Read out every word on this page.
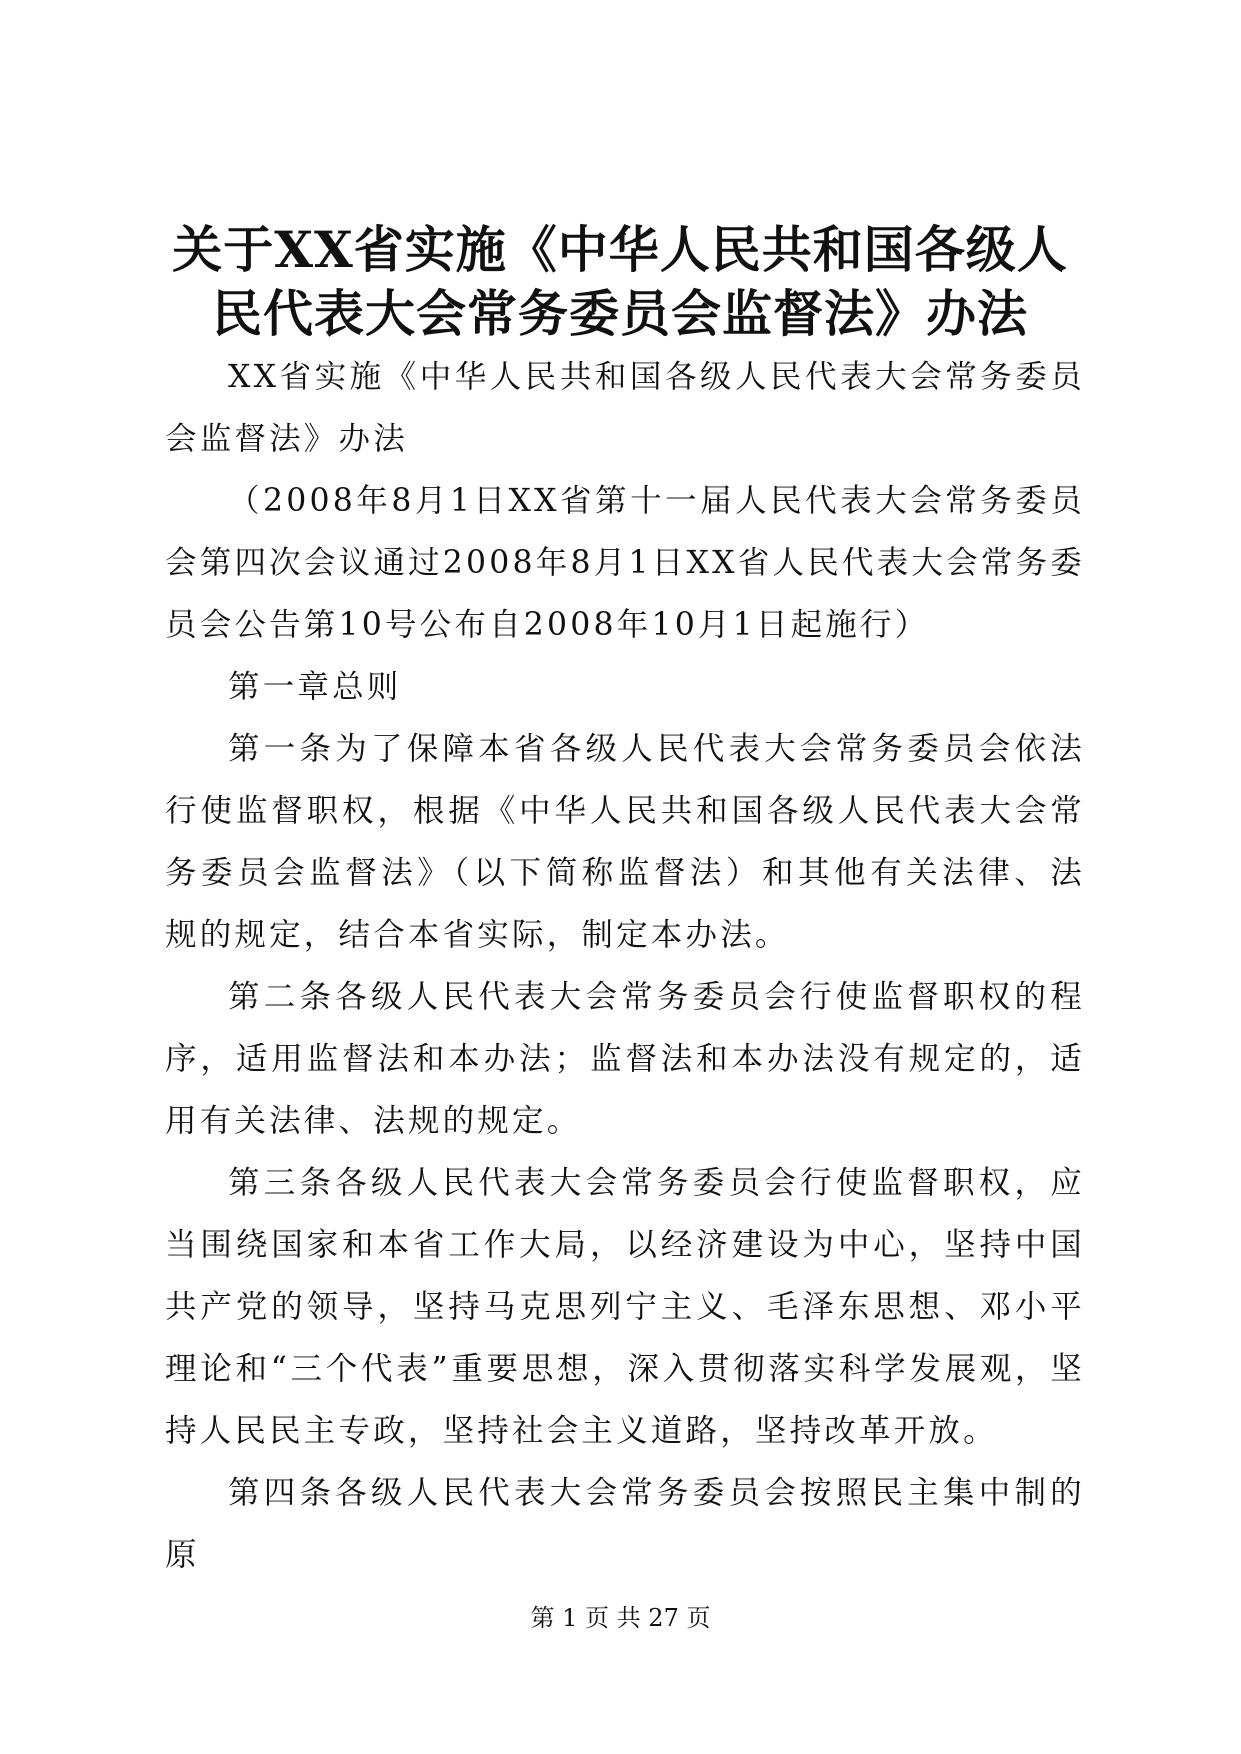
关于XX省实施《中华人民共和国各级人民代表大会常务委员会监督法》办法

XX省实施《中华人民共和国各级人民代表大会常务委员会监督法》办法

（2008年8月1日XX省第十一届人民代表大会常务委员会第四次会议通过2008年8月1日XX省人民代表大会常务委员会公告第10号公布自2008年10月1日起施行）

第一章总则

第一条为了保障本省各级人民代表大会常务委员会依法行使监督职权，根据《中华人民共和国各级人民代表大会常务委员会监督法》（以下简称监督法）和其他有关法律、法规的规定，结合本省实际，制定本办法。

第二条各级人民代表大会常务委员会行使监督职权的程序，适用监督法和本办法；监督法和本办法没有规定的，适用有关法律、法规的规定。

第三条各级人民代表大会常务委员会行使监督职权，应当围绕国家和本省工作大局，以经济建设为中心，坚持中国共产党的领导，坚持马克思列宁主义、毛泽东思想、邓小平理论和“三个代表”重要思想，深入贯彻落实科学发展观，坚持人民民主专政，坚持社会主义道路，坚持改革开放。

第四条各级人民代表大会常务委员会按照民主集中制的原

第 1 页 共 27 页
